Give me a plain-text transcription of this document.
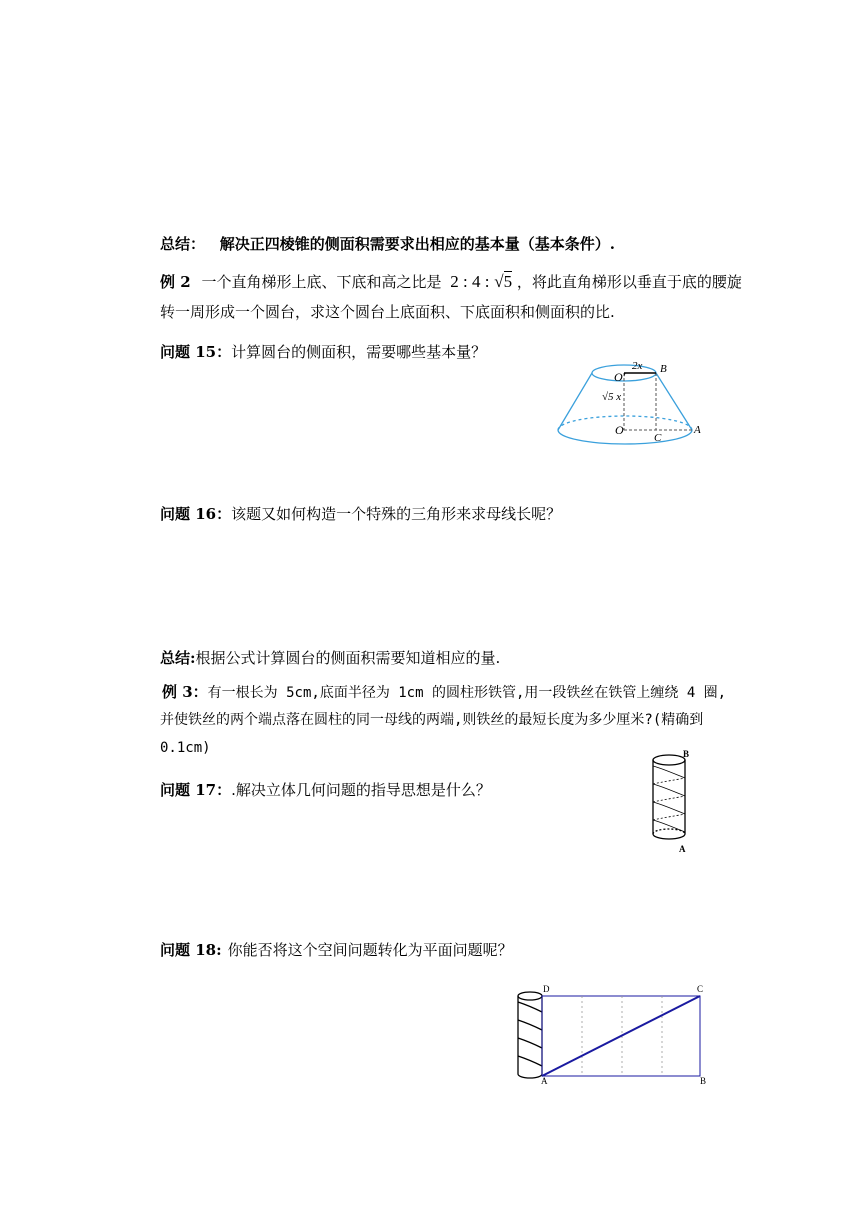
总结： 解决正四棱锥的侧面积需要求出相应的基本量（基本条件）.
例 2 一个直角梯形上底、下底和高之比是 2 : 4 : √5 ，将此直角梯形以垂直于底的腰旋
转一周形成一个圆台，求这个圆台上底面积、下底面积和侧面积的比.
问题 15：计算圆台的侧面积，需要哪些基本量？
2x
O′
B
√5 x
O
C
A
问题 16：该题又如何构造一个特殊的三角形来求母线长呢？
总结:根据公式计算圆台的侧面积需要知道相应的量.
例 3：有一根长为 5cm,底面半径为 1cm 的圆柱形铁管,用一段铁丝在铁管上缠绕 4 圈,
并使铁丝的两个端点落在圆柱的同一母线的两端,则铁丝的最短长度为多少厘米?(精确到
0.1cm)
问题 17：.解决立体几何问题的指导思想是什么？
B
A
问题 18: 你能否将这个空间问题转化为平面问题呢？
D	C
A	B
